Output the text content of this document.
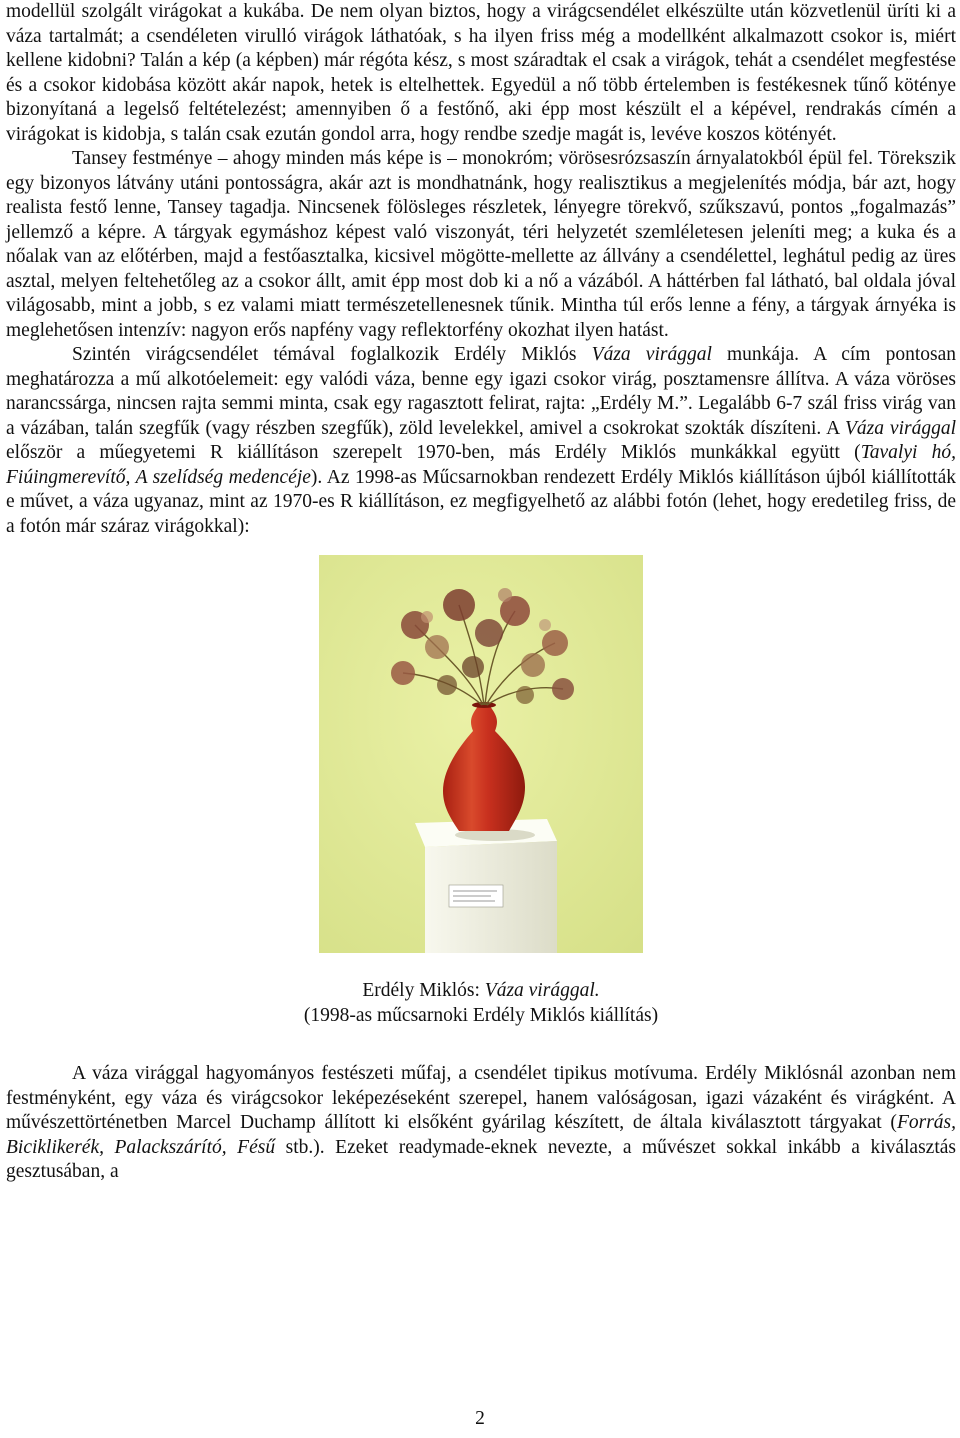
modellül szolgált virágokat a kukába. De nem olyan biztos, hogy a virágcsendélet elkészülte után közvetlenül üríti ki a váza tartalmát; a csendéleten virulló virágok láthatóak, s ha ilyen friss még a modellként alkalmazott csokor is, miért kellene kidobni? Talán a kép (a képben) már régóta kész, s most száradtak el csak a virágok, tehát a csendélet megfestése és a csokor kidobása között akár napok, hetek is eltelhettek. Egyedül a nő több értelemben is festékesnek tűnő kötényе bizonyítaná a legelső feltételezést; amennyiben ő a festőnő, aki épp most készült el a képével, rendrakás címén a virágokat is kidobja, s talán csak ezután gondol arra, hogy rendbe szedje magát is, levéve koszos kötényét.

Tansey festménye – ahogy minden más képe is – monokróm; vörösesrózsaszín árnyalatokból épül fel. Törekszik egy bizonyos látvány utáni pontosságra, akár azt is mondhatnánk, hogy realisztikus a megjelenítés módja, bár azt, hogy realista festő lenne, Tansey tagadja. Nincsenek fölösleges részletek, lényegre törekvő, szűkszavú, pontos „fogalmazás” jellemző a képre. A tárgyak egymáshoz képest való viszonyát, téri helyzetét szemléletesen jeleníti meg; a kuka és a nőalak van az előtérben, majd a festőasztalka, kicsivel mögötte-mellette az állvány a csendélettel, leghátul pedig az üres asztal, melyen feltehetőleg az a csokor állt, amit épp most dob ki a nő a vázából. A háttérben fal látható, bal oldala jóval világosabb, mint a jobb, s ez valami miatt természetellenesnek tűnik. Mintha túl erős lenne a fény, a tárgyak árnyéka is meglehetősen intenzív: nagyon erős napfény vagy reflektorfény okozhat ilyen hatást.

Szintén virágcsendélet témával foglalkozik Erdély Miklós Váza virággal munkája. A cím pontosan meghatározza a mű alkotóelemeit: egy valódi váza, benne egy igazi csokor virág, posztamensre állítva. A váza vöröses narancssárga, nincsen rajta semmi minta, csak egy ragasztott felirat, rajta: „Erdély M.”. Legalább 6-7 szál friss virág van a vázában, talán szegfűk (vagy részben szegfűk), zöld levelekkel, amivel a csokrokat szokták díszíteni. A Váza virággal először a műegyetemi R kiállításon szerepelt 1970-ben, más Erdély Miklós munkákkal együtt (Tavalyi hó, Fiúingmerevítő, A szelídség medencéje). Az 1998-as Műcsarnokban rendezett Erdély Miklós kiállításon újból kiállították e művet, a váza ugyanaz, mint az 1970-es R kiállításon, ez megfigyelhető az alábbi fotón (lehet, hogy eredetileg friss, de a fotón már száraz virágokkal):

Erdély Miklós: Váza virággal.
(1998-as műcsarnoki Erdély Miklós kiállítás)

A váza virággal hagyományos festészeti műfaj, a csendélet tipikus motívuma. Erdély Miklósnál azonban nem festményként, egy váza és virágcsokor leképezéseként szerepel, hanem valóságosan, igazi vázaként és virágként. A művészettörténetben Marcel Duchamp állított ki elsőként gyárilag készített, de általa kiválasztott tárgyakat (Forrás, Biciklikerék, Palackszárító, Fésű stb.). Ezeket readymade-eknek nevezte, a művészet sokkal inkább a kiválasztás gesztusában, a

2
